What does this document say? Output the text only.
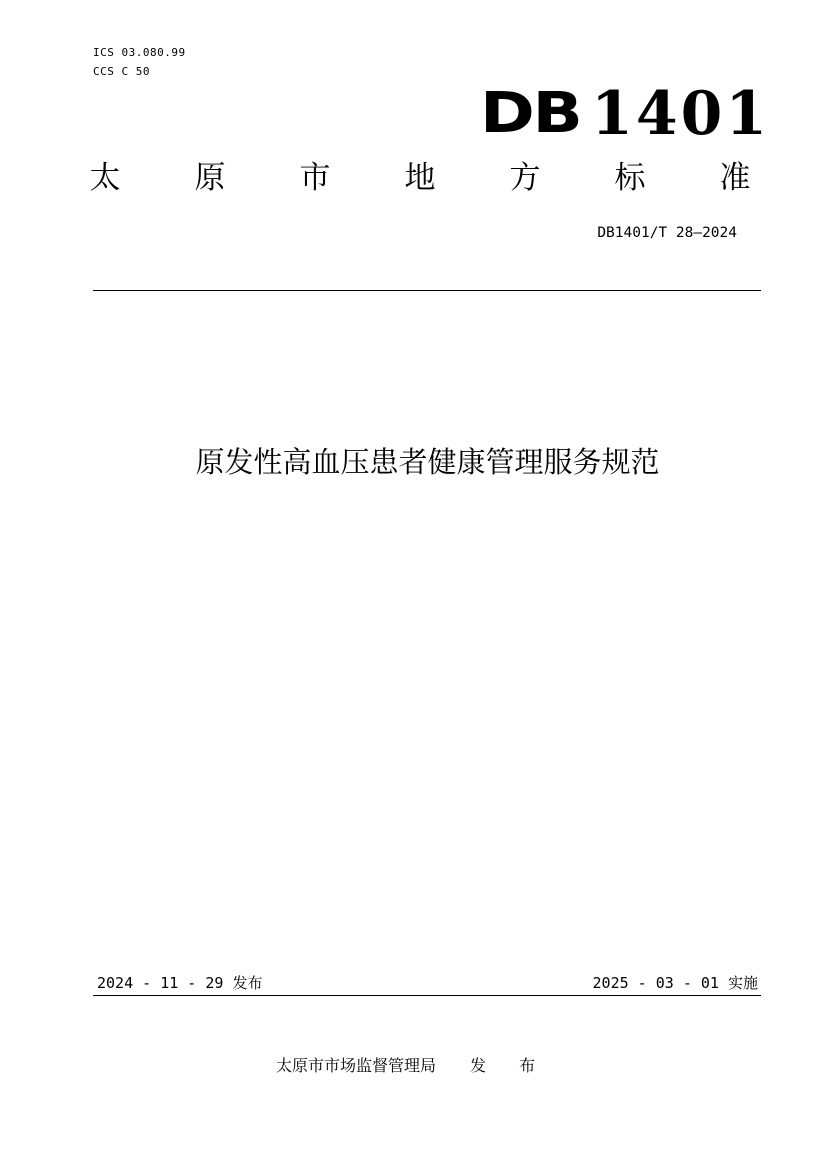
ICS 03.080.99
CCS C 50
DB 1401
太 原 市 地 方 标 准
DB1401/T 28—2024
原发性高血压患者健康管理服务规范
2024 - 11 - 29 发布	2025 - 03 - 01 实施
太原市市场监督管理局 发 布
